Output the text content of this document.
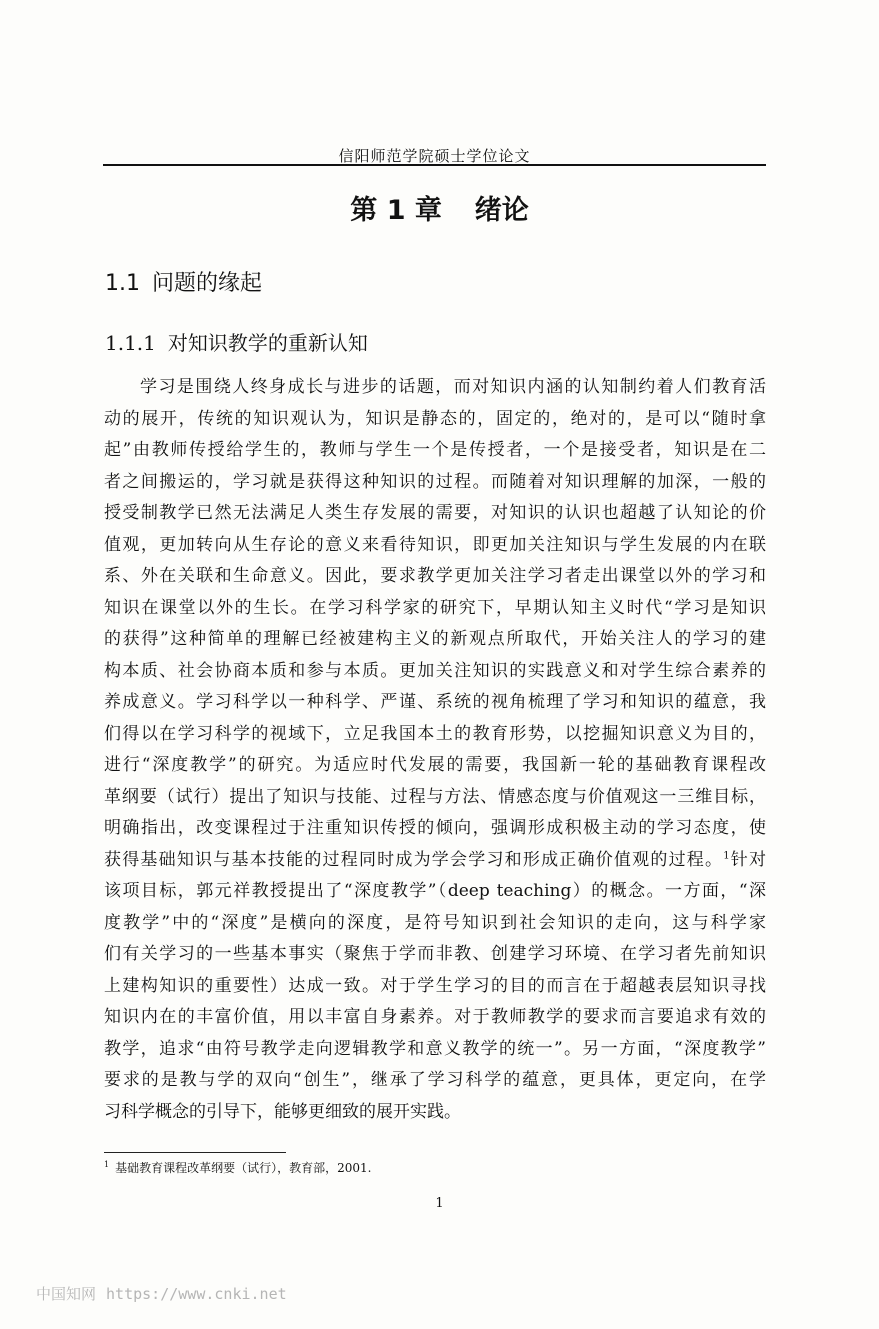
信阳师范学院硕士学位论文
第 1 章 绪论
1.1 问题的缘起
1.1.1 对知识教学的重新认知
学习是围绕人终身成长与进步的话题，而对知识内涵的认知制约着人们教育活
动的展开，传统的知识观认为，知识是静态的，固定的，绝对的，是可以“随时拿
起”由教师传授给学生的，教师与学生一个是传授者，一个是接受者，知识是在二
者之间搬运的，学习就是获得这种知识的过程。而随着对知识理解的加深，一般的
授受制教学已然无法满足人类生存发展的需要，对知识的认识也超越了认知论的价
值观，更加转向从生存论的意义来看待知识，即更加关注知识与学生发展的内在联
系、外在关联和生命意义。因此，要求教学更加关注学习者走出课堂以外的学习和
知识在课堂以外的生长。在学习科学家的研究下，早期认知主义时代“学习是知识
的获得”这种简单的理解已经被建构主义的新观点所取代，开始关注人的学习的建
构本质、社会协商本质和参与本质。更加关注知识的实践意义和对学生综合素养的
养成意义。学习科学以一种科学、严谨、系统的视角梳理了学习和知识的蕴意，我
们得以在学习科学的视域下，立足我国本土的教育形势，以挖掘知识意义为目的，
进行“深度教学”的研究。为适应时代发展的需要，我国新一轮的基础教育课程改
革纲要（试行）提出了知识与技能、过程与方法、情感态度与价值观这一三维目标，
明确指出，改变课程过于注重知识传授的倾向，强调形成积极主动的学习态度，使
获得基础知识与基本技能的过程同时成为学会学习和形成正确价值观的过程。$^1$针对
该项目标，郭元祥教授提出了“深度教学”（deep teaching）的概念。一方面，“深
度教学”中的“深度”是横向的深度，是符号知识到社会知识的走向，这与科学家
们有关学习的一些基本事实（聚焦于学而非教、创建学习环境、在学习者先前知识
上建构知识的重要性）达成一致。对于学生学习的目的而言在于超越表层知识寻找
知识内在的丰富价值，用以丰富自身素养。对于教师教学的要求而言要追求有效的
教学，追求“由符号教学走向逻辑教学和意义教学的统一”。另一方面，“深度教学”
要求的是教与学的双向“创生”，继承了学习科学的蕴意，更具体，更定向，在学
习科学概念的引导下，能够更细致的展开实践。
$^1$ 基础教育课程改革纲要（试行），教育部，2001.
1
中国知网 https://www.cnki.net
